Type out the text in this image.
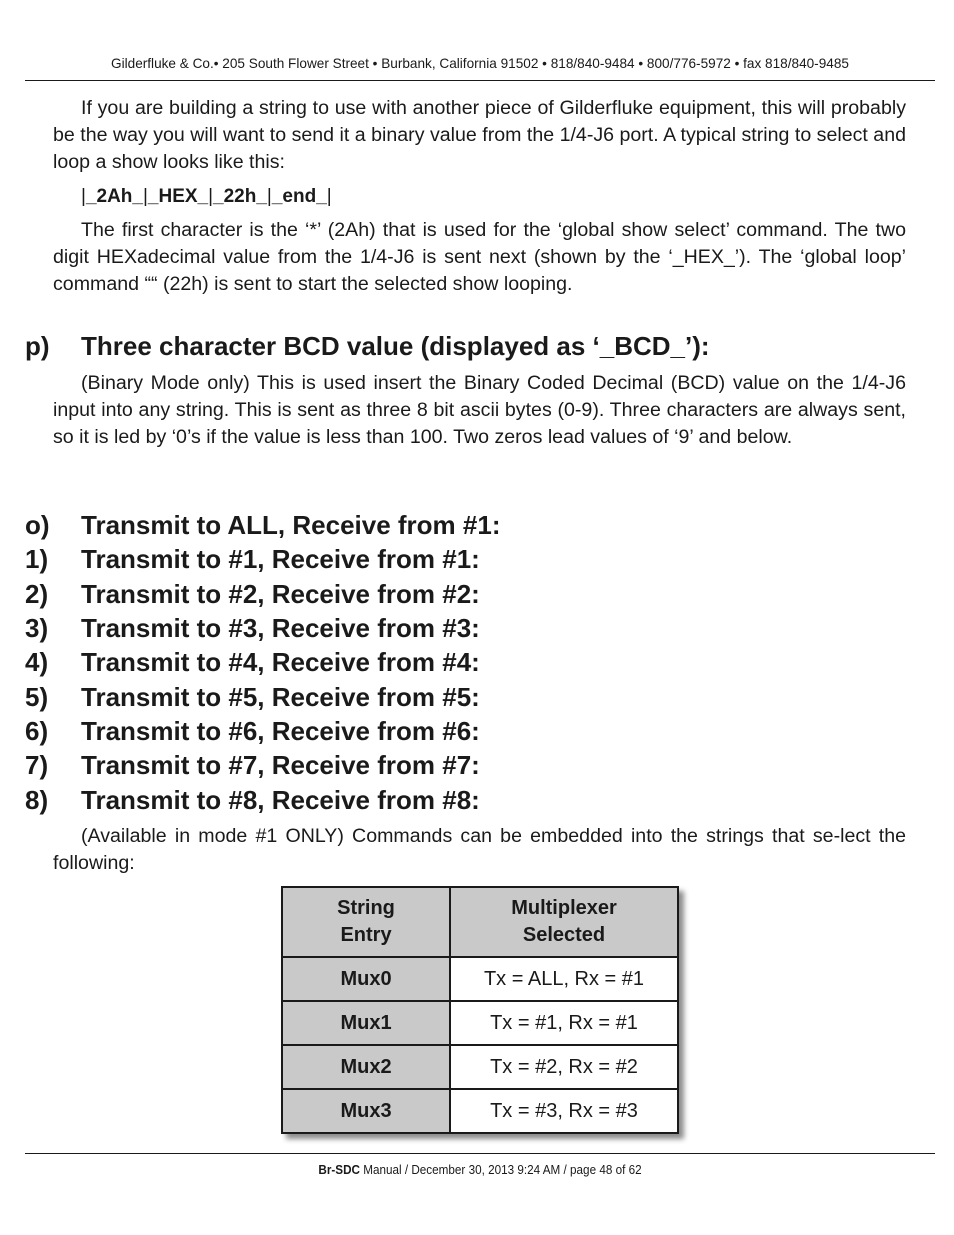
Gilderfluke & Co.• 205 South Flower Street • Burbank, California 91502 • 818/840-9484 • 800/776-5972 • fax 818/840-9485

If you are building a string to use with another piece of Gilderfluke equipment, this will probably be the way you will want to send it a binary value from the 1/4-J6 port. A typical string to select and loop a show looks like this:

|_2Ah_|_HEX_|_22h_|_end_|

The first character is the ‘*’ (2Ah) that is used for the ‘global show select’ command. The two digit HEXadecimal value from the 1/4-J6 is sent next (shown by the ‘_HEX_’). The ‘global loop’ command ““ (22h) is sent to start the selected show looping.

p) Three character BCD value (displayed as ‘_BCD_’):

(Binary Mode only) This is used insert the Binary Coded Decimal (BCD) value on the 1/4-J6 input into any string. This is sent as three 8 bit ascii bytes (0-9). Three characters are always sent, so it is led by ‘0’s if the value is less than 100. Two zeros lead values of ‘9’ and below.

o) Transmit to ALL, Receive from #1:
1) Transmit to #1, Receive from #1:
2) Transmit to #2, Receive from #2:
3) Transmit to #3, Receive from #3:
4) Transmit to #4, Receive from #4:
5) Transmit to #5, Receive from #5:
6) Transmit to #6, Receive from #6:
7) Transmit to #7, Receive from #7:
8) Transmit to #8, Receive from #8:

(Available in mode #1 ONLY) Commands can be embedded into the strings that se-lect the following:

String
Entry	Multiplexer
Selected
Mux0	Tx = ALL, Rx = #1
Mux1	Tx = #1, Rx = #1
Mux2	Tx = #2, Rx = #2
Mux3	Tx = #3, Rx = #3
Br-SDC Manual / December 30, 2013 9:24 AM / page 48 of 62
